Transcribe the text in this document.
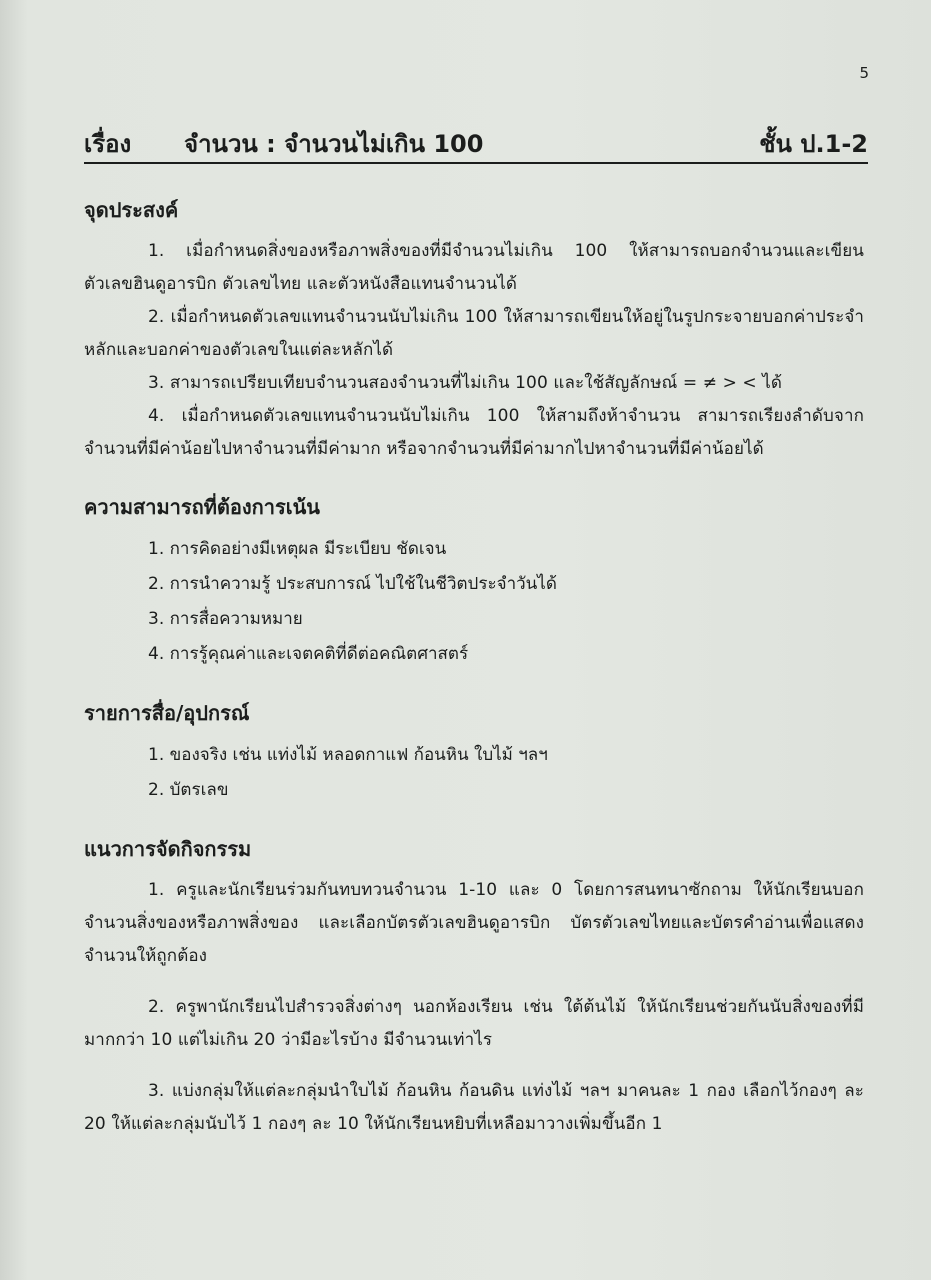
5
เรื่อง จำนวน : จำนวนไม่เกิน 100	ชั้น ป.1-2
จุดประสงค์

1. เมื่อกำหนดสิ่งของหรือภาพสิ่งของที่มีจำนวนไม่เกิน 100 ให้สามารถบอกจำนวนและเขียนตัวเลขฮินดูอารบิก ตัวเลขไทย และตัวหนังสือแทนจำนวนได้

2. เมื่อกำหนดตัวเลขแทนจำนวนนับไม่เกิน 100 ให้สามารถเขียนให้อยู่ในรูปกระจายบอกค่าประจำหลักและบอกค่าของตัวเลขในแต่ละหลักได้

3. สามารถเปรียบเทียบจำนวนสองจำนวนที่ไม่เกิน 100 และใช้สัญลักษณ์ = ≠ > < ได้

4. เมื่อกำหนดตัวเลขแทนจำนวนนับไม่เกิน 100 ให้สามถึงห้าจำนวน สามารถเรียงลำดับจากจำนวนที่มีค่าน้อยไปหาจำนวนที่มีค่ามาก หรือจากจำนวนที่มีค่ามากไปหาจำนวนที่มีค่าน้อยได้

ความสามารถที่ต้องการเน้น

1. การคิดอย่างมีเหตุผล มีระเบียบ ชัดเจน

2. การนำความรู้ ประสบการณ์ ไปใช้ในชีวิตประจำวันได้

3. การสื่อความหมาย

4. การรู้คุณค่าและเจตคติที่ดีต่อคณิตศาสตร์

รายการสื่อ/อุปกรณ์

1. ของจริง เช่น แท่งไม้ หลอดกาแฟ ก้อนหิน ใบไม้ ฯลฯ

2. บัตรเลข

แนวการจัดกิจกรรม

1. ครูและนักเรียนร่วมกันทบทวนจำนวน 1-10 และ 0 โดยการสนทนาซักถาม ให้นักเรียนบอกจำนวนสิ่งของหรือภาพสิ่งของ และเลือกบัตรตัวเลขฮินดูอารบิก บัตรตัวเลขไทยและบัตรคำอ่านเพื่อแสดงจำนวนให้ถูกต้อง

2. ครูพานักเรียนไปสำรวจสิ่งต่างๆ นอกห้องเรียน เช่น ใต้ต้นไม้ ให้นักเรียนช่วยกันนับสิ่งของที่มีมากกว่า 10 แต่ไม่เกิน 20 ว่ามีอะไรบ้าง มีจำนวนเท่าไร

3. แบ่งกลุ่มให้แต่ละกลุ่มนำใบไม้ ก้อนหิน ก้อนดิน แท่งไม้ ฯลฯ มาคนละ 1 กอง เลือกไว้กองๆ ละ 20 ให้แต่ละกลุ่มนับไว้ 1 กองๆ ละ 10 ให้นักเรียนหยิบที่เหลือมาวางเพิ่มขึ้นอีก 1
